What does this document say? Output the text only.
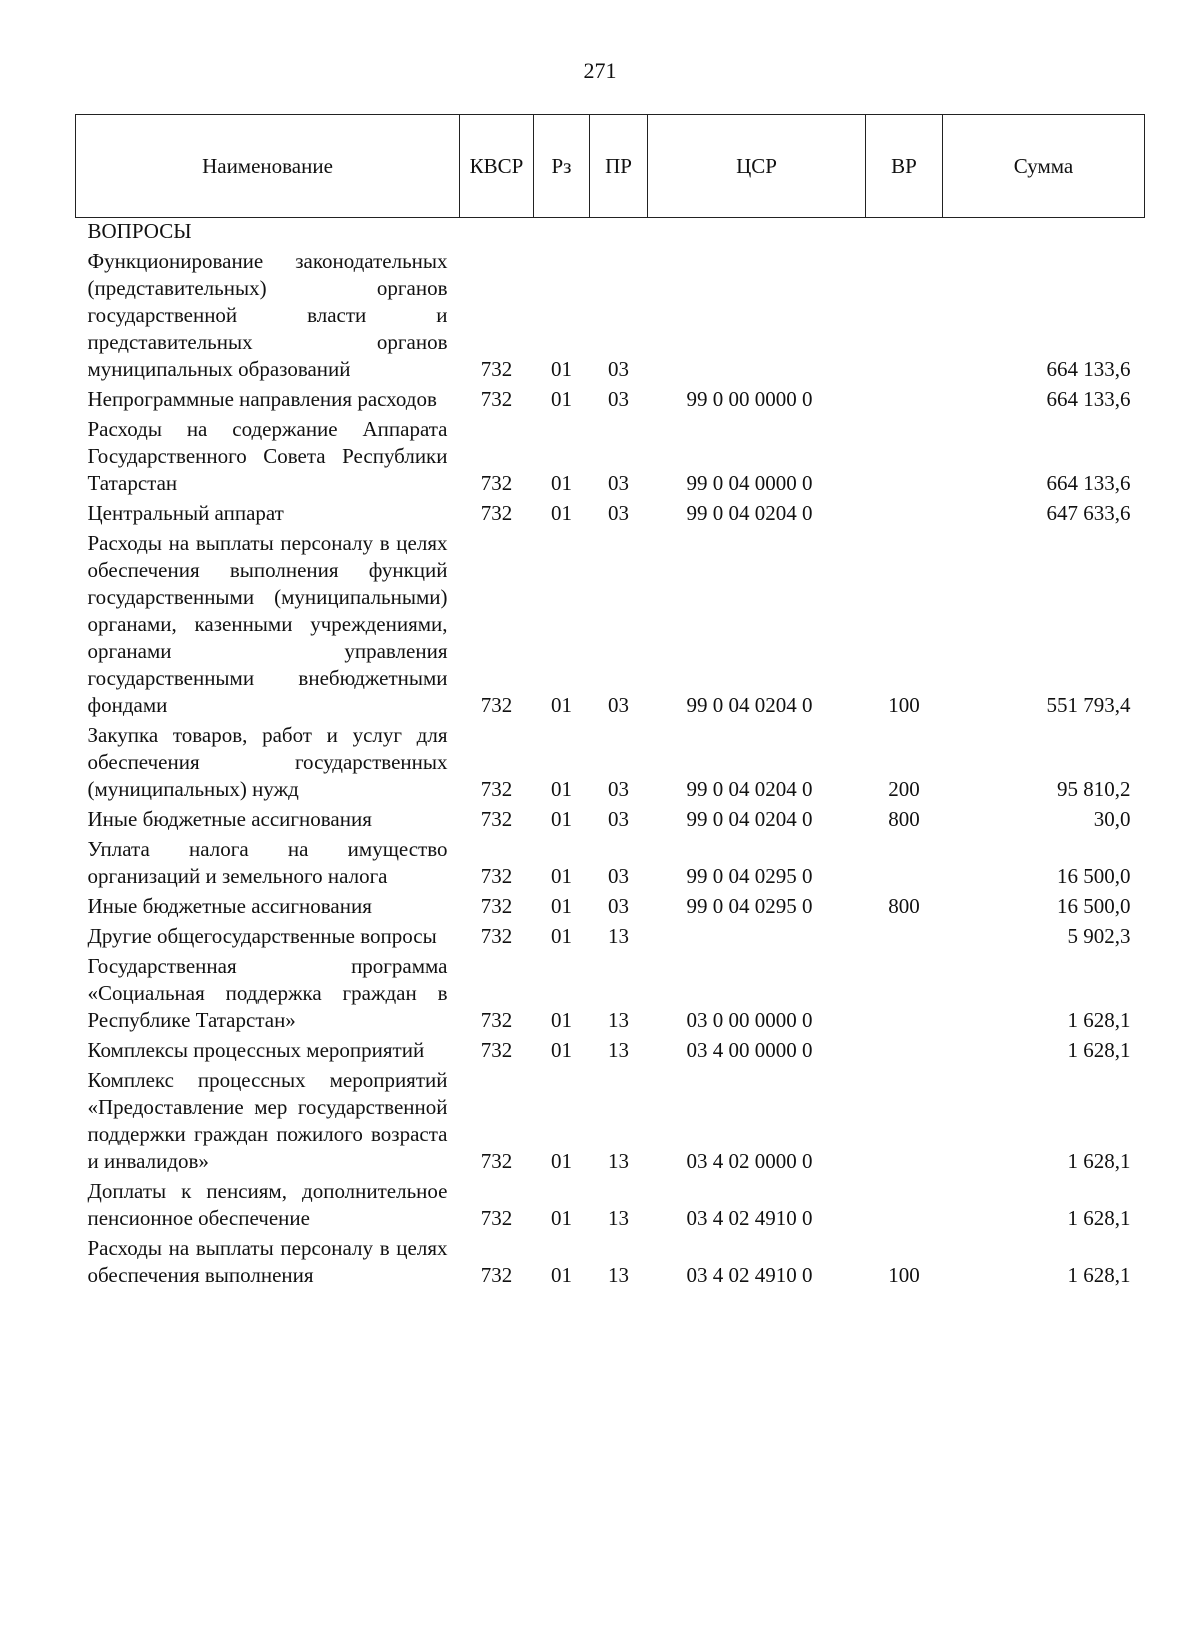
271
Наименование	КВСР	Рз	ПР	ЦСР	ВР	Сумма
ВОПРОСЫ						
Функционирование законодательных (представительных) органов государственной власти и представительных органов муниципальных образований	732	01	03			664 133,6
Непрограммные направления расходов	732	01	03	99 0 00 0000 0		664 133,6
Расходы на содержание Аппарата Государственного Совета Республики Татарстан	732	01	03	99 0 04 0000 0		664 133,6
Центральный аппарат	732	01	03	99 0 04 0204 0		647 633,6
Расходы на выплаты персоналу в целях обеспечения выполнения функций государственными (муниципальными) органами, казенными учреждениями, органами управления государственными внебюджетными фондами	732	01	03	99 0 04 0204 0	100	551 793,4
Закупка товаров, работ и услуг для обеспечения государственных (муниципальных) нужд	732	01	03	99 0 04 0204 0	200	95 810,2
Иные бюджетные ассигнования	732	01	03	99 0 04 0204 0	800	30,0
Уплата налога на имущество организаций и земельного налога	732	01	03	99 0 04 0295 0		16 500,0
Иные бюджетные ассигнования	732	01	03	99 0 04 0295 0	800	16 500,0
Другие общегосударственные вопросы	732	01	13			5 902,3
Государственная программа «Социальная поддержка граждан в Республике Татарстан»	732	01	13	03 0 00 0000 0		1 628,1
Комплексы процессных мероприятий	732	01	13	03 4 00 0000 0		1 628,1
Комплекс процессных мероприятий «Предоставление мер государственной поддержки граждан пожилого возраста и инвалидов»	732	01	13	03 4 02 0000 0		1 628,1
Доплаты к пенсиям, дополнительное пенсионное обеспечение	732	01	13	03 4 02 4910 0		1 628,1
Расходы на выплаты персоналу в целях обеспечения выполнения	732	01	13	03 4 02 4910 0	100	1 628,1
